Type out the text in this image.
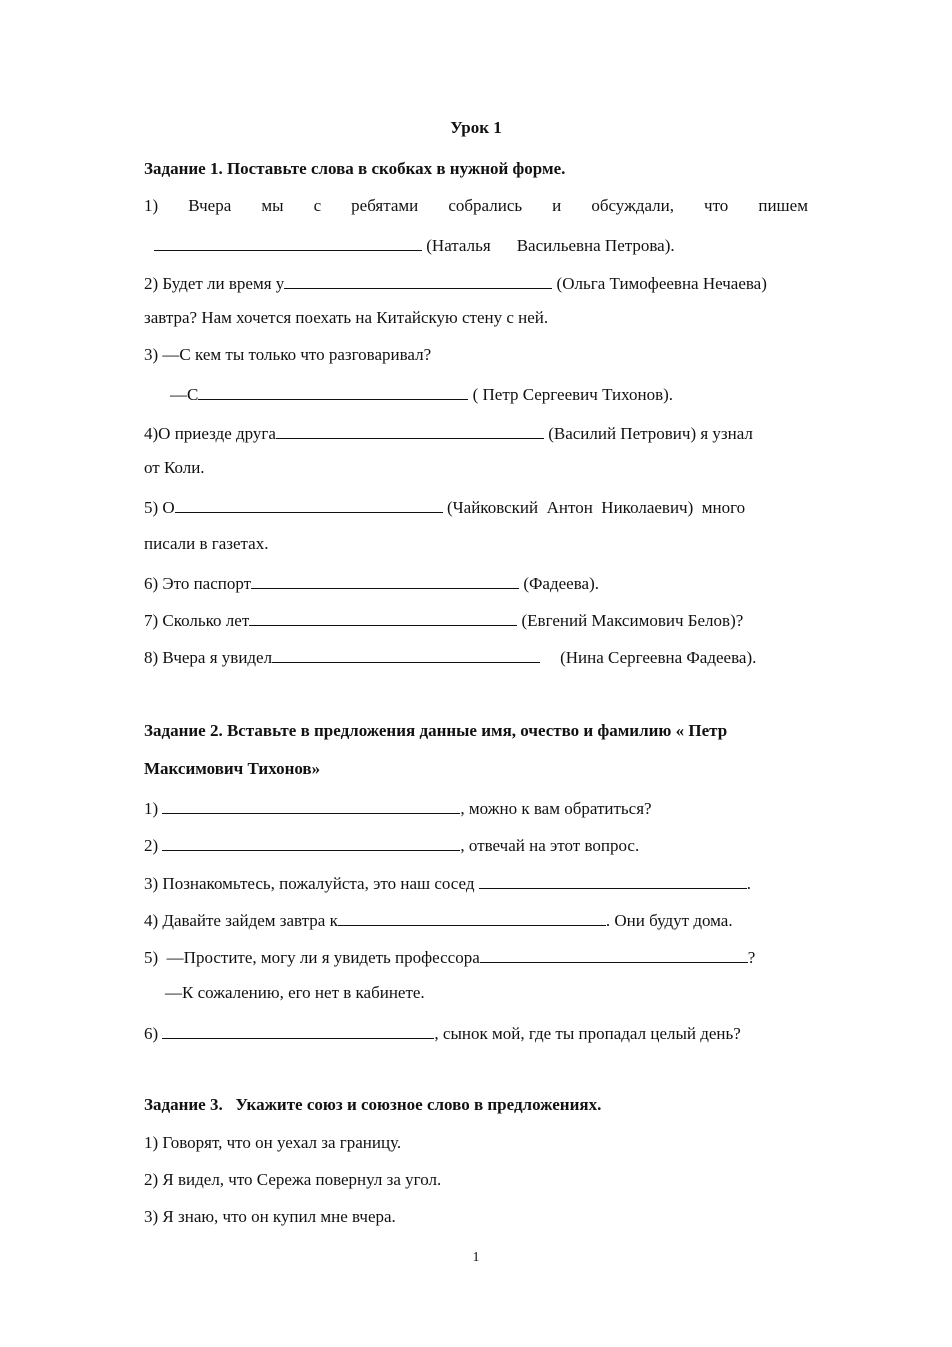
Урок 1
Задание 1. Поставьте слова в скобках в нужной форме.
1) Вчера мы с ребятами собрались и обсуждали, что пишем
(Наталья Васильевна Петрова).
2) Будет ли время у	(Ольга Тимофеевна Нечаева)
завтра? Нам хочется поехать на Китайскую стену с ней.
3) ―С кем ты только что разговаривал?
―С	( Петр Сергеевич Тихонов).
4)О приезде друга	(Василий Петрович) я узнал
от Коли.
5) О	(Чайковский  Антон  Николаевич)  много
писали в газетах.
6) Это паспорт	(Фадеева).
7) Сколько лет	(Евгений Максимович Белов)?
8) Вчера я увидел	(Нина Сергеевна Фадеева).
Задание 2. Вставьте в предложения данные имя, очество и фамилию « Петр
Максимович Тихонов»
1)	, можно к вам обратиться?
2)	, отвечай на этот вопрос.
3) Познакомьтесь, пожалуйста, это наш сосед	.
4) Давайте зайдем завтра к	. Они будут дома.
5)  ―Простите, могу ли я увидеть профессора	?
―К сожалению, его нет в кабинете.
6)	, сынок мой, где ты пропадал целый день?
Задание 3.   Укажите союз и союзное слово в предложениях.
1) Говорят, что он уехал за границу.
2) Я видел, что Сережа повернул за угол.
3) Я знаю, что он купил мне вчера.
1
